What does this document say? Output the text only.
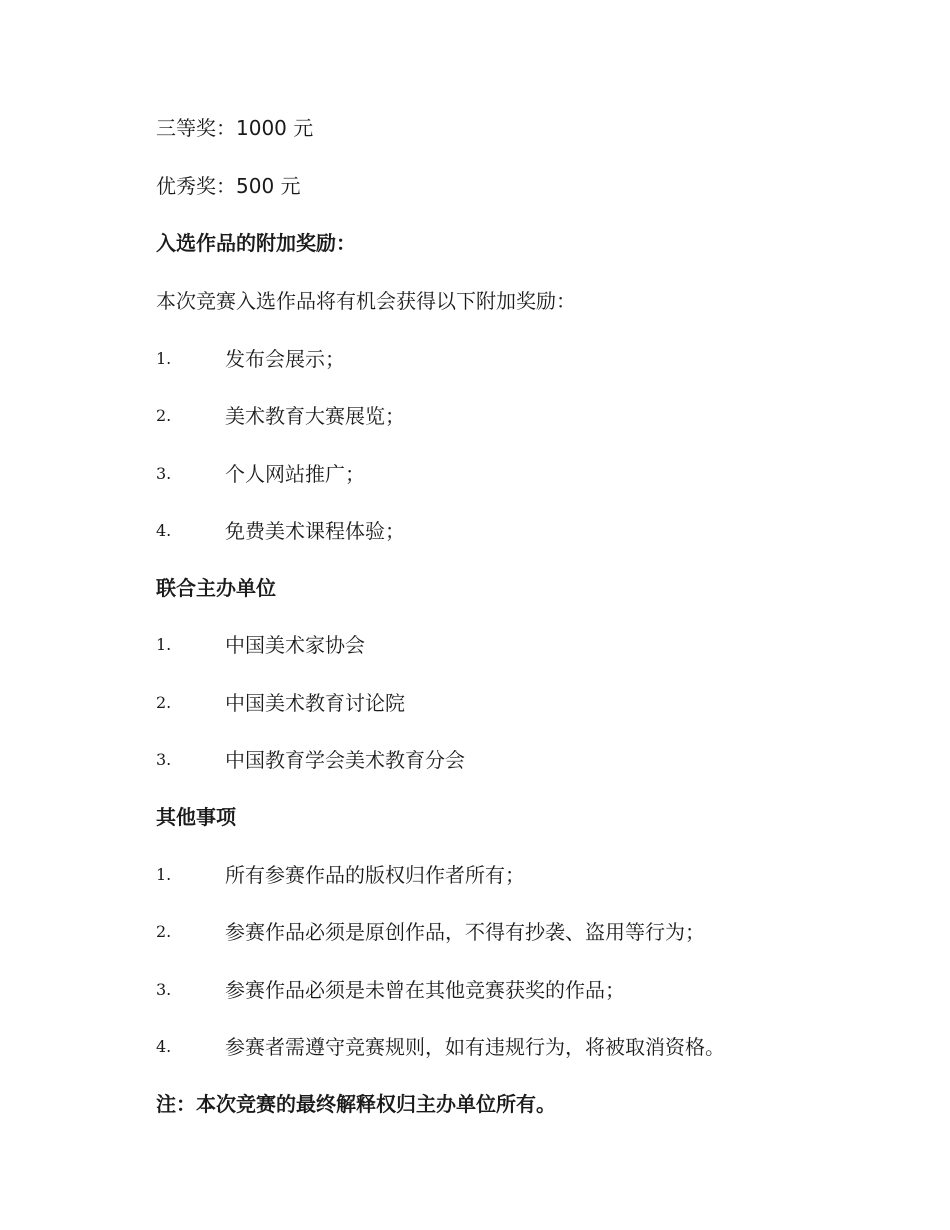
三等奖：1000 元
优秀奖：500 元
入选作品的附加奖励：
本次竞赛入选作品将有机会获得以下附加奖励：
1.	发布会展示；
2.	美术教育大赛展览；
3.	个人网站推广；
4.	免费美术课程体验；
联合主办单位
1.	中国美术家协会
2.	中国美术教育讨论院
3.	中国教育学会美术教育分会
其他事项
1.	所有参赛作品的版权归作者所有；
2.	参赛作品必须是原创作品，不得有抄袭、盗用等行为；
3.	参赛作品必须是未曾在其他竞赛获奖的作品；
4.	参赛者需遵守竞赛规则，如有违规行为，将被取消资格。
注：本次竞赛的最终解释权归主办单位所有。
